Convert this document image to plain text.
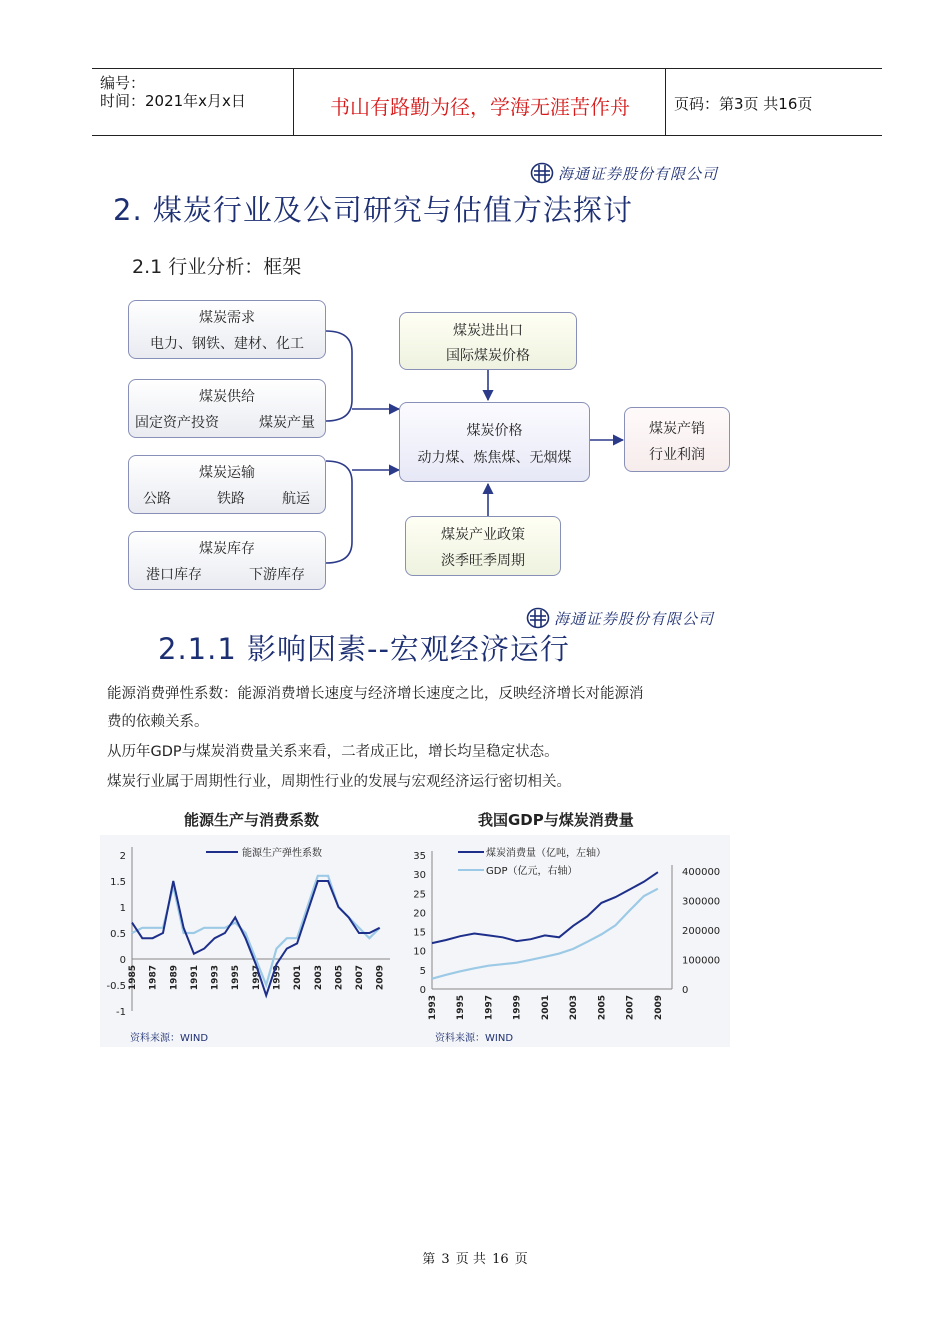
编号：
时间：2021年x月x日	书山有路勤为径，学海无涯苦作舟	页码：第3页 共16页
海通证券股份有限公司
2. 煤炭行业及公司研究与估值方法探讨
2.1 行业分析：框架
煤炭需求
电力、钢铁、建材、化工
煤炭供给
固定资产投资	煤炭产量
煤炭运输
公路	铁路	航运
煤炭库存
港口库存	下游库存
煤炭进出口
国际煤炭价格
煤炭价格
动力煤、炼焦煤、无烟煤
煤炭产业政策
淡季旺季周期
煤炭产销
行业利润
海通证券股份有限公司
2.1.1 影响因素--宏观经济运行
能源消费弹性系数：能源消费增长速度与经济增长速度之比，反映经济增长对能源消
费的依赖关系。
从历年GDP与煤炭消费量关系来看，二者成正比，增长均呈稳定状态。
煤炭行业属于周期性行业，周期性行业的发展与宏观经济运行密切相关。
能源生产与消费系数	我国GDP与煤炭消费量
2
1.5
1
0.5
0
-0.5
-1
1985 1987 1989 1991 1993 1995 1997 1999 2001 2003 2005 2007 2009
能源生产弹性系数	35
30
25
20
15
10
5
0
400000
300000
200000
100000
0
1993 1995 1997 1999 2001 2003 2005 2007 2009
煤炭消费量（亿吨，左轴）
GDP（亿元，右轴）
资料来源：WIND	资料来源：WIND
第 3 页 共 16 页
